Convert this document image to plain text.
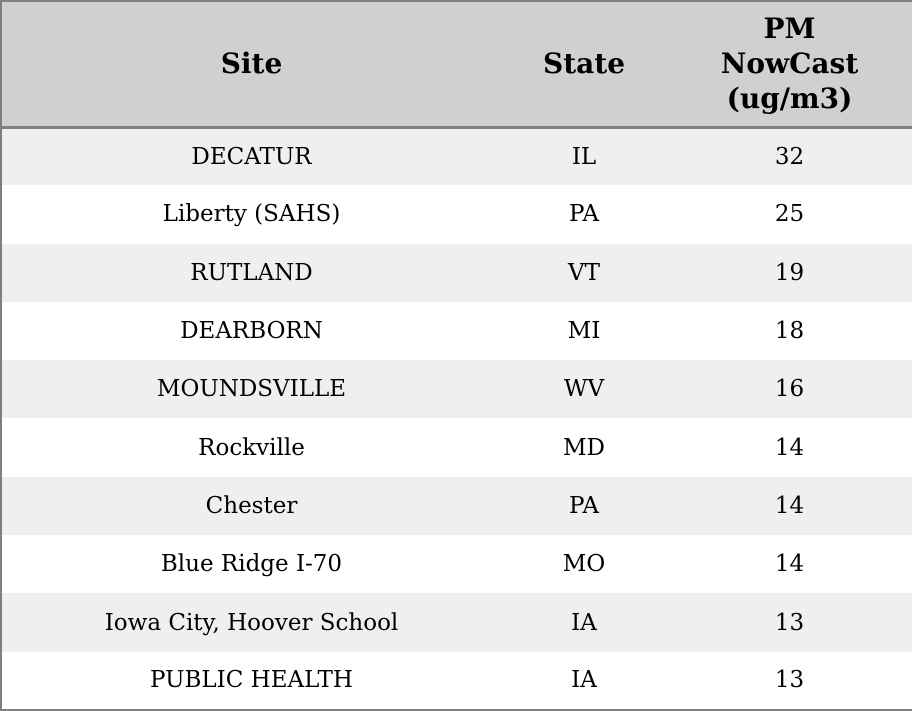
Site	State	PM NowCast (ug/m3)
DECATUR	IL	32
Liberty (SAHS)	PA	25
RUTLAND	VT	19
DEARBORN	MI	18
MOUNDSVILLE	WV	16
Rockville	MD	14
Chester	PA	14
Blue Ridge I-70	MO	14
Iowa City, Hoover School	IA	13
PUBLIC HEALTH	IA	13
